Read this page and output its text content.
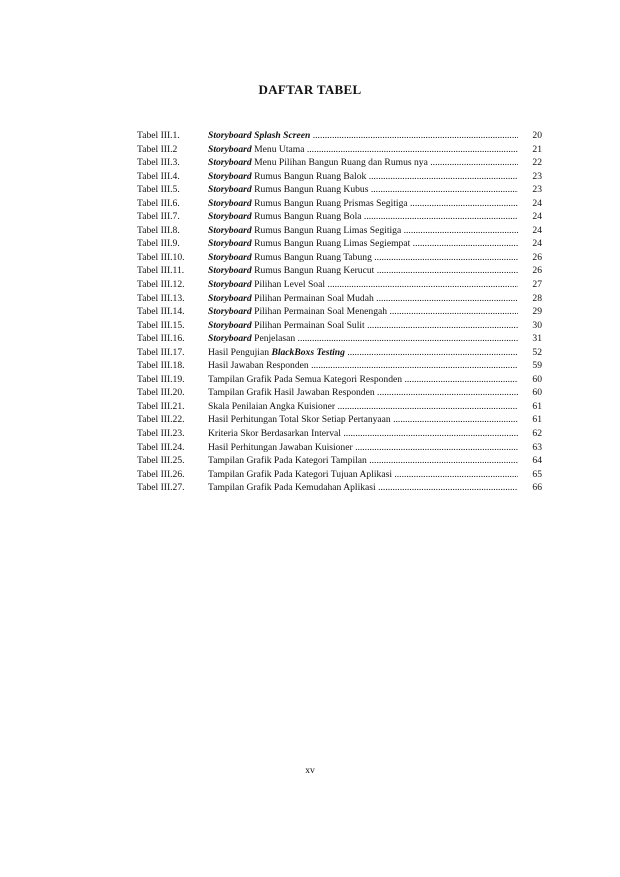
DAFTAR TABEL
Tabel III.1.	Storyboard Splash Screen .....	20
Tabel III.2	Storyboard Menu Utama .....	21
Tabel III.3.	Storyboard Menu Pilihan Bangun Ruang dan Rumus nya .....	22
Tabel III.4.	Storyboard Rumus Bangun Ruang Balok .....	23
Tabel III.5.	Storyboard Rumus Bangun Ruang Kubus .....	23
Tabel III.6.	Storyboard Rumus Bangun Ruang Prismas Segitiga .....	24
Tabel III.7.	Storyboard Rumus Bangun Ruang Bola .....	24
Tabel III.8.	Storyboard Rumus Bangun Ruang Limas Segitiga .....	24
Tabel III.9.	Storyboard Rumus Bangun Ruang Limas Segiempat .....	24
Tabel III.10. Storyboard Rumus Bangun Ruang Tabung .....	26
Tabel III.11. Storyboard Rumus Bangun Ruang Kerucut .....	26
Tabel III.12. Storyboard Pilihan Level Soal .....	27
Tabel III.13. Storyboard Pilihan Permainan Soal Mudah .....	28
Tabel III.14. Storyboard Pilihan Permainan Soal Menengah .....	29
Tabel III.15. Storyboard Pilihan Permainan Soal Sulit .....	30
Tabel III.16. Storyboard Penjelasan .....	31
Tabel III.17. Hasil Pengujian BlackBoxs Testing .....	52
Tabel III.18. Hasil Jawaban Responden .....	59
Tabel III.19. Tampilan Grafik Pada Semua Kategori Responden .....	60
Tabel III.20. Tampilan Grafik Hasil Jawaban Responden .....	60
Tabel III.21. Skala Penilaian Angka Kuisioner .....	61
Tabel III.22. Hasil Perhitungan Total Skor Setiap Pertanyaan .....	61
Tabel III.23. Kriteria Skor Berdasarkan Interval .....	62
Tabel III.24. Hasil Perhitungan Jawaban Kuisioner .....	63
Tabel III.25. Tampilan Grafik Pada Kategori Tampilan .....	64
Tabel III.26. Tampilan Grafik Pada Kategori Tujuan Aplikasi .....	65
Tabel III.27. Tampilan Grafik Pada Kemudahan Aplikasi .....	66
xv
